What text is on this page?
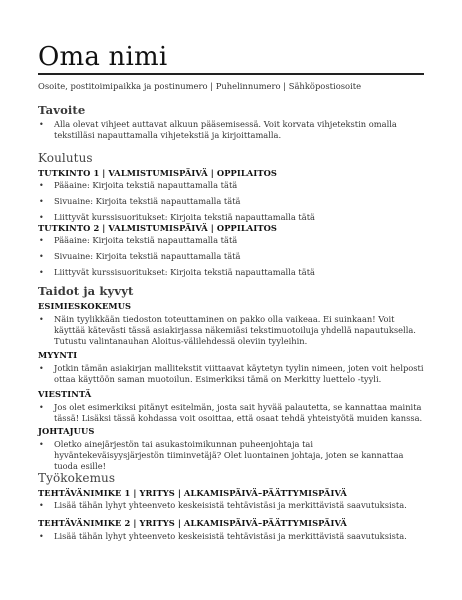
Oma nimi
Osoite, postitoimipaikka ja postinumero | Puhelinnumero | Sähköpostiosoite
Tavoite
• Alla olevat vihjeet auttavat alkuun pääsemisessä. Voit korvata vihjetekstin omalla tekstilläsi napauttamalla vihjetekstiä ja kirjoittamalla.
Koulutus
TUTKINTO 1 | VALMISTUMISPÄIVÄ | OPPILAITOS
• Pääaine: Kirjoita tekstiä napauttamalla tätä
• Sivuaine: Kirjoita tekstiä napauttamalla tätä
• Liittyvät kurssisuoritukset: Kirjoita tekstiä napauttamalla tätä
TUTKINTO 2 | VALMISTUMISPÄIVÄ | OPPILAITOS
• Pääaine: Kirjoita tekstiä napauttamalla tätä
• Sivuaine: Kirjoita tekstiä napauttamalla tätä
• Liittyvät kurssisuoritukset: Kirjoita tekstiä napauttamalla tätä
Taidot ja kyvyt
ESIMIESKOKEMUS
• Näin tyylikkään tiedoston toteuttaminen on pakko olla vaikeaa. Ei suinkaan! Voit käyttää kätevästi tässä asiakirjassa näkemiäsi tekstimuotoiluja yhdellä napautuksella. Tutustu valintanauhan Aloitus-välilehdessä oleviin tyyleihin.
MYYNTI
• Jotkin tämän asiakirjan mallitekstit viittaavat käytetyn tyylin nimeen, joten voit helposti ottaa käyttöön saman muotoilun. Esimerkiksi tämä on Merkitty luettelo -tyyli.
VIESTINTÄ
• Jos olet esimerkiksi pitänyt esitelmän, josta sait hyvää palautetta, se kannattaa mainita tässä! Lisäksi tässä kohdassa voit osoittaa, että osaat tehdä yhteistyötä muiden kanssa.
JOHTAJUUS
• Oletko ainejärjestön tai asukastoimikunnan puheenjohtaja tai hyväntekeväisyysjärjestön tiiminvetäjä? Olet luontainen johtaja, joten se kannattaa tuoda esille!
Työkokemus
TEHTÄVÄNIMIKE 1 | YRITYS | ALKAMISPÄIVÄ–PÄÄTTYMISPÄIVÄ
• Lisää tähän lyhyt yhteenveto keskeisistä tehtävistäsi ja merkittävistä saavutuksista.
TEHTÄVÄNIMIKE 2 | YRITYS | ALKAMISPÄIVÄ–PÄÄTTYMISPÄIVÄ
• Lisää tähän lyhyt yhteenveto keskeisistä tehtävistäsi ja merkittävistä saavutuksista.
